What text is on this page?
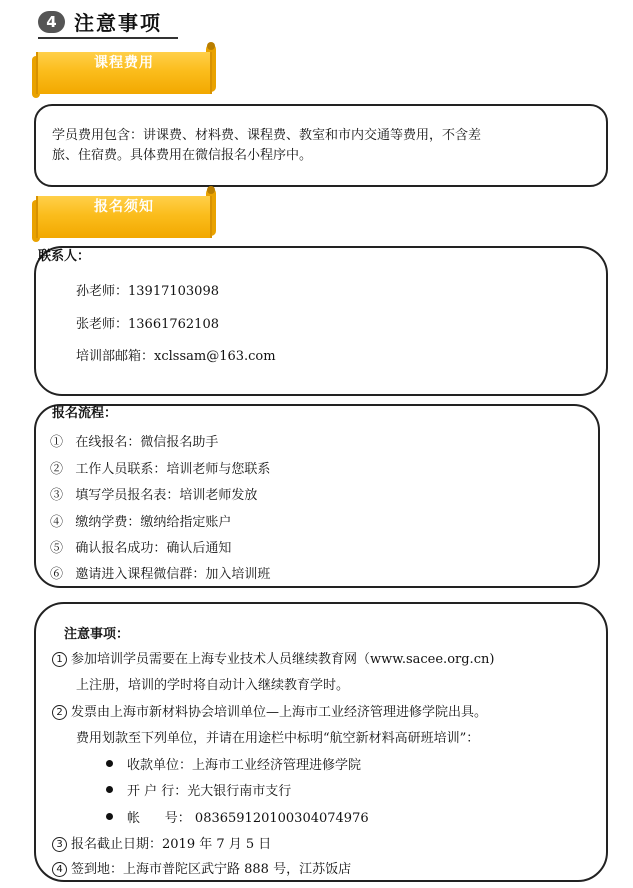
4 注意事项
课程费用
学员费用包含：讲课费、材料费、课程费、教室和市内交通等费用，不含差
旅、住宿费。具体费用在微信报名小程序中。
报名须知
联系人：
孙老师：13917103098
张老师：13661762108
培训部邮箱：xclssam@163.com
报名流程：
① 在线报名：微信报名助手
② 工作人员联系：培训老师与您联系
③ 填写学员报名表：培训老师发放
④ 缴纳学费：缴纳给指定账户
⑤ 确认报名成功：确认后通知
⑥ 邀请进入课程微信群：加入培训班
注意事项：
1 参加培训学员需要在上海专业技术人员继续教育网（www.sacee.org.cn)
上注册，培训的学时将自动计入继续教育学时。
2 发票由上海市新材料协会培训单位—上海市工业经济管理进修学院出具。
费用划款至下列单位，并请在用途栏中标明“航空新材料高研班培训”：
收款单位：上海市工业经济管理进修学院
开 户 行：光大银行南市支行
帐      号： 083659120100304074976
3 报名截止日期：2019 年 7 月 5 日
4 签到地：上海市普陀区武宁路 888 号，江苏饭店
